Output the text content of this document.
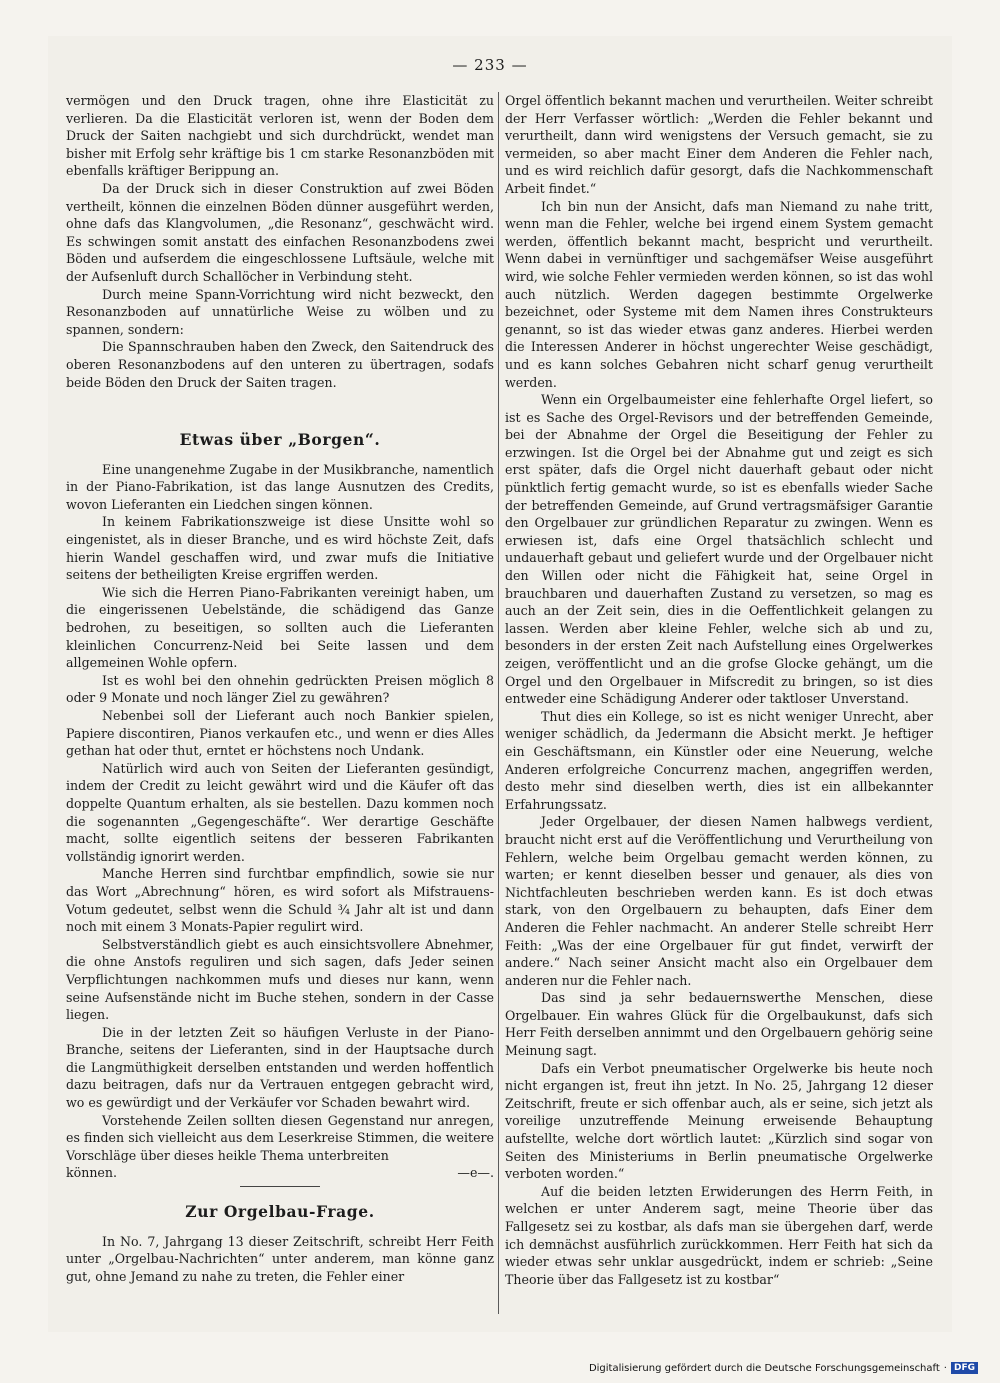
— 233 —

vermögen und den Druck tragen, ohne ihre Elasticität zu verlieren. Da die Elasticität verloren ist, wenn der Boden dem Druck der Saiten nachgiebt und sich durchdrückt, wendet man bisher mit Erfolg sehr kräftige bis 1 cm starke Resonanzböden mit ebenfalls kräftiger Berippung an.

Da der Druck sich in dieser Construktion auf zwei Böden vertheilt, können die einzelnen Böden dünner ausgeführt werden, ohne dafs das Klangvolumen, „die Resonanz“, geschwächt wird. Es schwingen somit anstatt des einfachen Resonanzbodens zwei Böden und aufserdem die eingeschlossene Luftsäule, welche mit der Aufsenluft durch Schallöcher in Verbindung steht.

Durch meine Spann-Vorrichtung wird nicht bezweckt, den Resonanzboden auf unnatürliche Weise zu wölben und zu spannen, sondern:

Die Spannschrauben haben den Zweck, den Saitendruck des oberen Resonanzbodens auf den unteren zu übertragen, sodafs beide Böden den Druck der Saiten tragen.

Etwas über „Borgen“.

Eine unangenehme Zugabe in der Musikbranche, namentlich in der Piano-Fabrikation, ist das lange Ausnutzen des Credits, wovon Lieferanten ein Liedchen singen können.

In keinem Fabrikationszweige ist diese Unsitte wohl so eingenistet, als in dieser Branche, und es wird höchste Zeit, dafs hierin Wandel geschaffen wird, und zwar mufs die Initiative seitens der betheiligten Kreise ergriffen werden.

Wie sich die Herren Piano-Fabrikanten vereinigt haben, um die eingerissenen Uebelstände, die schädigend das Ganze bedrohen, zu beseitigen, so sollten auch die Lieferanten kleinlichen Concurrenz-Neid bei Seite lassen und dem allgemeinen Wohle opfern.

Ist es wohl bei den ohnehin gedrückten Preisen möglich 8 oder 9 Monate und noch länger Ziel zu gewähren?

Nebenbei soll der Lieferant auch noch Bankier spielen, Papiere discontiren, Pianos verkaufen etc., und wenn er dies Alles gethan hat oder thut, erntet er höchstens noch Undank.

Natürlich wird auch von Seiten der Lieferanten gesündigt, indem der Credit zu leicht gewährt wird und die Käufer oft das doppelte Quantum erhalten, als sie bestellen. Dazu kommen noch die sogenannten „Gegengeschäfte“. Wer derartige Geschäfte macht, sollte eigentlich seitens der besseren Fabrikanten vollständig ignorirt werden.

Manche Herren sind furchtbar empfindlich, sowie sie nur das Wort „Abrechnung“ hören, es wird sofort als Mifstrauens-Votum gedeutet, selbst wenn die Schuld ¾ Jahr alt ist und dann noch mit einem 3 Monats-Papier regulirt wird.

Selbstverständlich giebt es auch einsichtsvollere Abnehmer, die ohne Anstofs reguliren und sich sagen, dafs Jeder seinen Verpflichtungen nachkommen mufs und dieses nur kann, wenn seine Aufsenstände nicht im Buche stehen, sondern in der Casse liegen.

Die in der letzten Zeit so häufigen Verluste in der Piano-Branche, seitens der Lieferanten, sind in der Hauptsache durch die Langmüthigkeit derselben entstanden und werden hoffentlich dazu beitragen, dafs nur da Vertrauen entgegen gebracht wird, wo es gewürdigt und der Verkäufer vor Schaden bewahrt wird.

Vorstehende Zeilen sollten diesen Gegenstand nur anregen, es finden sich vielleicht aus dem Leserkreise Stimmen, die weitere Vorschläge über dieses heikle Thema unterbreiten

können.	—e—.
Zur Orgelbau-Frage.

In No. 7, Jahrgang 13 dieser Zeitschrift, schreibt Herr Feith unter „Orgelbau-Nachrichten“ unter anderem, man könne ganz gut, ohne Jemand zu nahe zu treten, die Fehler einer

Orgel öffentlich bekannt machen und verurtheilen. Weiter schreibt der Herr Verfasser wörtlich: „Werden die Fehler bekannt und verurtheilt, dann wird wenigstens der Versuch gemacht, sie zu vermeiden, so aber macht Einer dem Anderen die Fehler nach, und es wird reichlich dafür gesorgt, dafs die Nachkommenschaft Arbeit findet.“

Ich bin nun der Ansicht, dafs man Niemand zu nahe tritt, wenn man die Fehler, welche bei irgend einem System gemacht werden, öffentlich bekannt macht, bespricht und verurtheilt. Wenn dabei in vernünftiger und sachgemäfser Weise ausgeführt wird, wie solche Fehler vermieden werden können, so ist das wohl auch nützlich. Werden dagegen bestimmte Orgelwerke bezeichnet, oder Systeme mit dem Namen ihres Construkteurs genannt, so ist das wieder etwas ganz anderes. Hierbei werden die Interessen Anderer in höchst ungerechter Weise geschädigt, und es kann solches Gebahren nicht scharf genug verurtheilt werden.

Wenn ein Orgelbaumeister eine fehlerhafte Orgel liefert, so ist es Sache des Orgel-Revisors und der betreffenden Gemeinde, bei der Abnahme der Orgel die Beseitigung der Fehler zu erzwingen. Ist die Orgel bei der Abnahme gut und zeigt es sich erst später, dafs die Orgel nicht dauerhaft gebaut oder nicht pünktlich fertig gemacht wurde, so ist es ebenfalls wieder Sache der betreffenden Gemeinde, auf Grund vertragsmäfsiger Garantie den Orgelbauer zur gründlichen Reparatur zu zwingen. Wenn es erwiesen ist, dafs eine Orgel thatsächlich schlecht und undauerhaft gebaut und geliefert wurde und der Orgelbauer nicht den Willen oder nicht die Fähigkeit hat, seine Orgel in brauchbaren und dauerhaften Zustand zu versetzen, so mag es auch an der Zeit sein, dies in die Oeffentlichkeit gelangen zu lassen. Werden aber kleine Fehler, welche sich ab und zu, besonders in der ersten Zeit nach Aufstellung eines Orgelwerkes zeigen, veröffentlicht und an die grofse Glocke gehängt, um die Orgel und den Orgelbauer in Mifscredit zu bringen, so ist dies entweder eine Schädigung Anderer oder taktloser Unverstand.

Thut dies ein Kollege, so ist es nicht weniger Unrecht, aber weniger schädlich, da Jedermann die Absicht merkt. Je heftiger ein Geschäftsmann, ein Künstler oder eine Neuerung, welche Anderen erfolgreiche Concurrenz machen, angegriffen werden, desto mehr sind dieselben werth, dies ist ein allbekannter Erfahrungssatz.

Jeder Orgelbauer, der diesen Namen halbwegs verdient, braucht nicht erst auf die Veröffentlichung und Verurtheilung von Fehlern, welche beim Orgelbau gemacht werden können, zu warten; er kennt dieselben besser und genauer, als dies von Nichtfachleuten beschrieben werden kann. Es ist doch etwas stark, von den Orgelbauern zu behaupten, dafs Einer dem Anderen die Fehler nachmacht. An anderer Stelle schreibt Herr Feith: „Was der eine Orgelbauer für gut findet, verwirft der andere.“ Nach seiner Ansicht macht also ein Orgelbauer dem anderen nur die Fehler nach.

Das sind ja sehr bedauernswerthe Menschen, diese Orgelbauer. Ein wahres Glück für die Orgelbaukunst, dafs sich Herr Feith derselben annimmt und den Orgelbauern gehörig seine Meinung sagt.

Dafs ein Verbot pneumatischer Orgelwerke bis heute noch nicht ergangen ist, freut ihn jetzt. In No. 25, Jahrgang 12 dieser Zeitschrift, freute er sich offenbar auch, als er seine, sich jetzt als voreilige unzutreffende Meinung erweisende Behauptung aufstellte, welche dort wörtlich lautet: „Kürzlich sind sogar von Seiten des Ministeriums in Berlin pneumatische Orgelwerke verboten worden.“

Auf die beiden letzten Erwiderungen des Herrn Feith, in welchen er unter Anderem sagt, meine Theorie über das Fallgesetz sei zu kostbar, als dafs man sie übergehen darf, werde ich demnächst ausführlich zurückkommen. Herr Feith hat sich da wieder etwas sehr unklar ausgedrückt, indem er schrieb: „Seine Theorie über das Fallgesetz ist zu kostbar“

Digitalisierung gefördert durch die Deutsche Forschungsgemeinschaft · DFG
